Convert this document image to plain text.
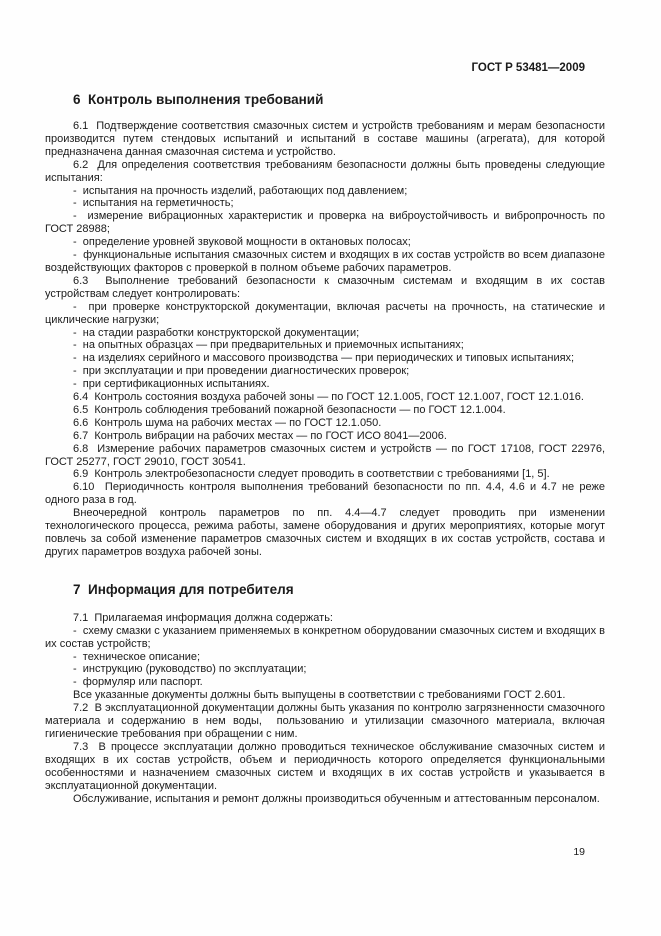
ГОСТ Р 53481—2009
6  Контроль выполнения требований

6.1  Подтверждение соответствия смазочных систем и устройств требованиям и мерам безопасности производится путем стендовых испытаний и испытаний в составе машины (агрегата), для которой предназначена данная смазочная система и устройство.

6.2  Для определения соответствия требованиям безопасности должны быть проведены следующие испытания:

-  испытания на прочность изделий, работающих под давлением;

-  испытания на герметичность;

-  измерение вибрационных характеристик и проверка на виброустойчивость и вибропрочность по ГОСТ 28988;

-  определение уровней звуковой мощности в октановых полосах;

-  функциональные испытания смазочных систем и входящих в их состав устройств во всем диапазоне воздействующих факторов с проверкой в полном объеме рабочих параметров.

6.3  Выполнение требований безопасности к смазочным системам и входящим в их состав устройствам следует контролировать:

-  при проверке конструкторской документации, включая расчеты на прочность, на статические и циклические нагрузки;

-  на стадии разработки конструкторской документации;

-  на опытных образцах — при предварительных и приемочных испытаниях;

-  на изделиях серийного и массового производства — при периодических и типовых испытаниях;

-  при эксплуатации и при проведении диагностических проверок;

-  при сертификационных испытаниях.

6.4  Контроль состояния воздуха рабочей зоны — по ГОСТ 12.1.005, ГОСТ 12.1.007, ГОСТ 12.1.016.

6.5  Контроль соблюдения требований пожарной безопасности — по ГОСТ 12.1.004.

6.6  Контроль шума на рабочих местах — по ГОСТ 12.1.050.

6.7  Контроль вибрации на рабочих местах — по ГОСТ ИСО 8041—2006.

6.8  Измерение рабочих параметров смазочных систем и устройств — по ГОСТ 17108, ГОСТ 22976, ГОСТ 25277, ГОСТ 29010, ГОСТ 30541.

6.9  Контроль электробезопасности следует проводить в соответствии с требованиями [1, 5].

6.10  Периодичность контроля выполнения требований безопасности по пп. 4.4, 4.6 и 4.7 не реже одного раза в год.

Внеочередной контроль параметров по пп. 4.4—4.7 следует проводить при изменении технологического процесса, режима работы, замене оборудования и других мероприятиях, которые могут повлечь за собой изменение параметров смазочных систем и входящих в их состав устройств, состава и других параметров воздуха рабочей зоны.

7  Информация для потребителя

7.1  Прилагаемая информация должна содержать:

-  схему смазки с указанием применяемых в конкретном оборудовании смазочных систем и входящих в их состав устройств;

-  техническое описание;

-  инструкцию (руководство) по эксплуатации;

-  формуляр или паспорт.

Все указанные документы должны быть выпущены в соответствии с требованиями ГОСТ 2.601.

7.2  В эксплуатационной документации должны быть указания по контролю загрязненности смазочного материала и содержанию в нем воды,  пользованию и утилизации смазочного материала, включая гигиенические требования при обращении с ним.

7.3  В процессе эксплуатации должно проводиться техническое обслуживание смазочных систем и входящих в их состав устройств, объем и периодичность которого определяется функциональными особенностями и назначением смазочных систем и входящих в их состав устройств и указывается в эксплуатационной документации.

Обслуживание, испытания и ремонт должны производиться обученным и аттестованным персоналом.

19
